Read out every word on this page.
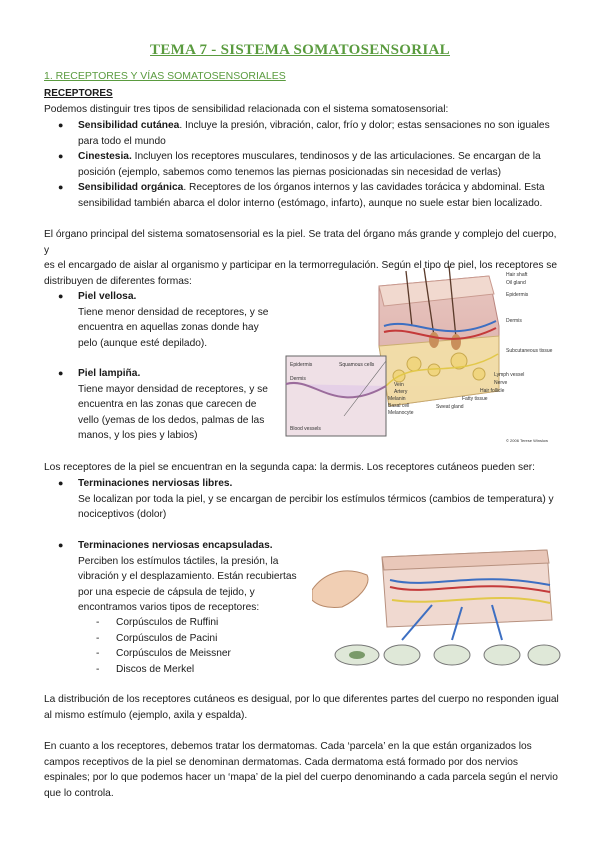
TEMA 7 - SISTEMA SOMATOSENSORIAL
1. RECEPTORES Y VÍAS SOMATOSENSORIALES
RECEPTORES
Podemos distinguir tres tipos de sensibilidad relacionada con el sistema somatosensorial:
● Sensibilidad cutánea. Incluye la presión, vibración, calor, frío y dolor; estas sensaciones no son iguales
para todo el mundo
● Cinestesia. Incluyen los receptores musculares, tendinosos y de las articulaciones. Se encargan de la
posición (ejemplo, sabemos como tenemos las piernas posicionadas sin necesidad de verlas)
● Sensibilidad orgánica. Receptores de los órganos internos y las cavidades torácica y abdominal. Esta
sensibilidad también abarca el dolor interno (estómago, infarto), aunque no suele estar bien localizado.
El órgano principal del sistema somatosensorial es la piel. Se trata del órgano más grande y complejo del cuerpo, y
es el encargado de aislar al organismo y participar en la termorregulación. Según el tipo de piel, los receptores se
distribuyen de diferentes formas:
● Piel vellosa.
Tiene menor densidad de receptores, y se
encuentra en aquellas zonas donde hay
pelo (aunque esté depilado).
● Piel lampiña.
Tiene mayor densidad de receptores, y se
encuentra en las zonas que carecen de
vello (yemas de los dedos, palmas de las
manos, y los pies y labios)
Hair shaft
Oil gland
Epidermis
Dermis
Subcutaneous tissue
Lymph vessel
Nerve
Hair follicle
Fatty tissue
Sweat gland
Vein
Artery
Epidermis	Squamous cells
Dermis
Melanin
Basal cell
Melanocyte
Blood vessels
© 2006 Terese Winslow
Los receptores de la piel se encuentran en la segunda capa: la dermis. Los receptores cutáneos pueden ser:
● Terminaciones nerviosas libres.
Se localizan por toda la piel, y se encargan de percibir los estímulos térmicos (cambios de temperatura) y
nociceptivos (dolor)
● Terminaciones nerviosas encapsuladas.
Perciben los estímulos táctiles, la presión, la
vibración y el desplazamiento. Están recubiertas
por una especie de cápsula de tejido, y
encontramos varios tipos de receptores:
- Corpúsculos de Ruffini
- Corpúsculos de Pacini
- Corpúsculos de Meissner
- Discos de Merkel
La distribución de los receptores cutáneos es desigual, por lo que diferentes partes del cuerpo no responden igual
al mismo estímulo (ejemplo, axila y espalda).
En cuanto a los receptores, debemos tratar los dermatomas. Cada ‘parcela’ en la que están organizados los
campos receptivos de la piel se denominan dermatomas. Cada dermatoma está formado por dos nervios
espinales; por lo que podemos hacer un ‘mapa’ de la piel del cuerpo denominando a cada parcela según el nervio
que lo controla.
